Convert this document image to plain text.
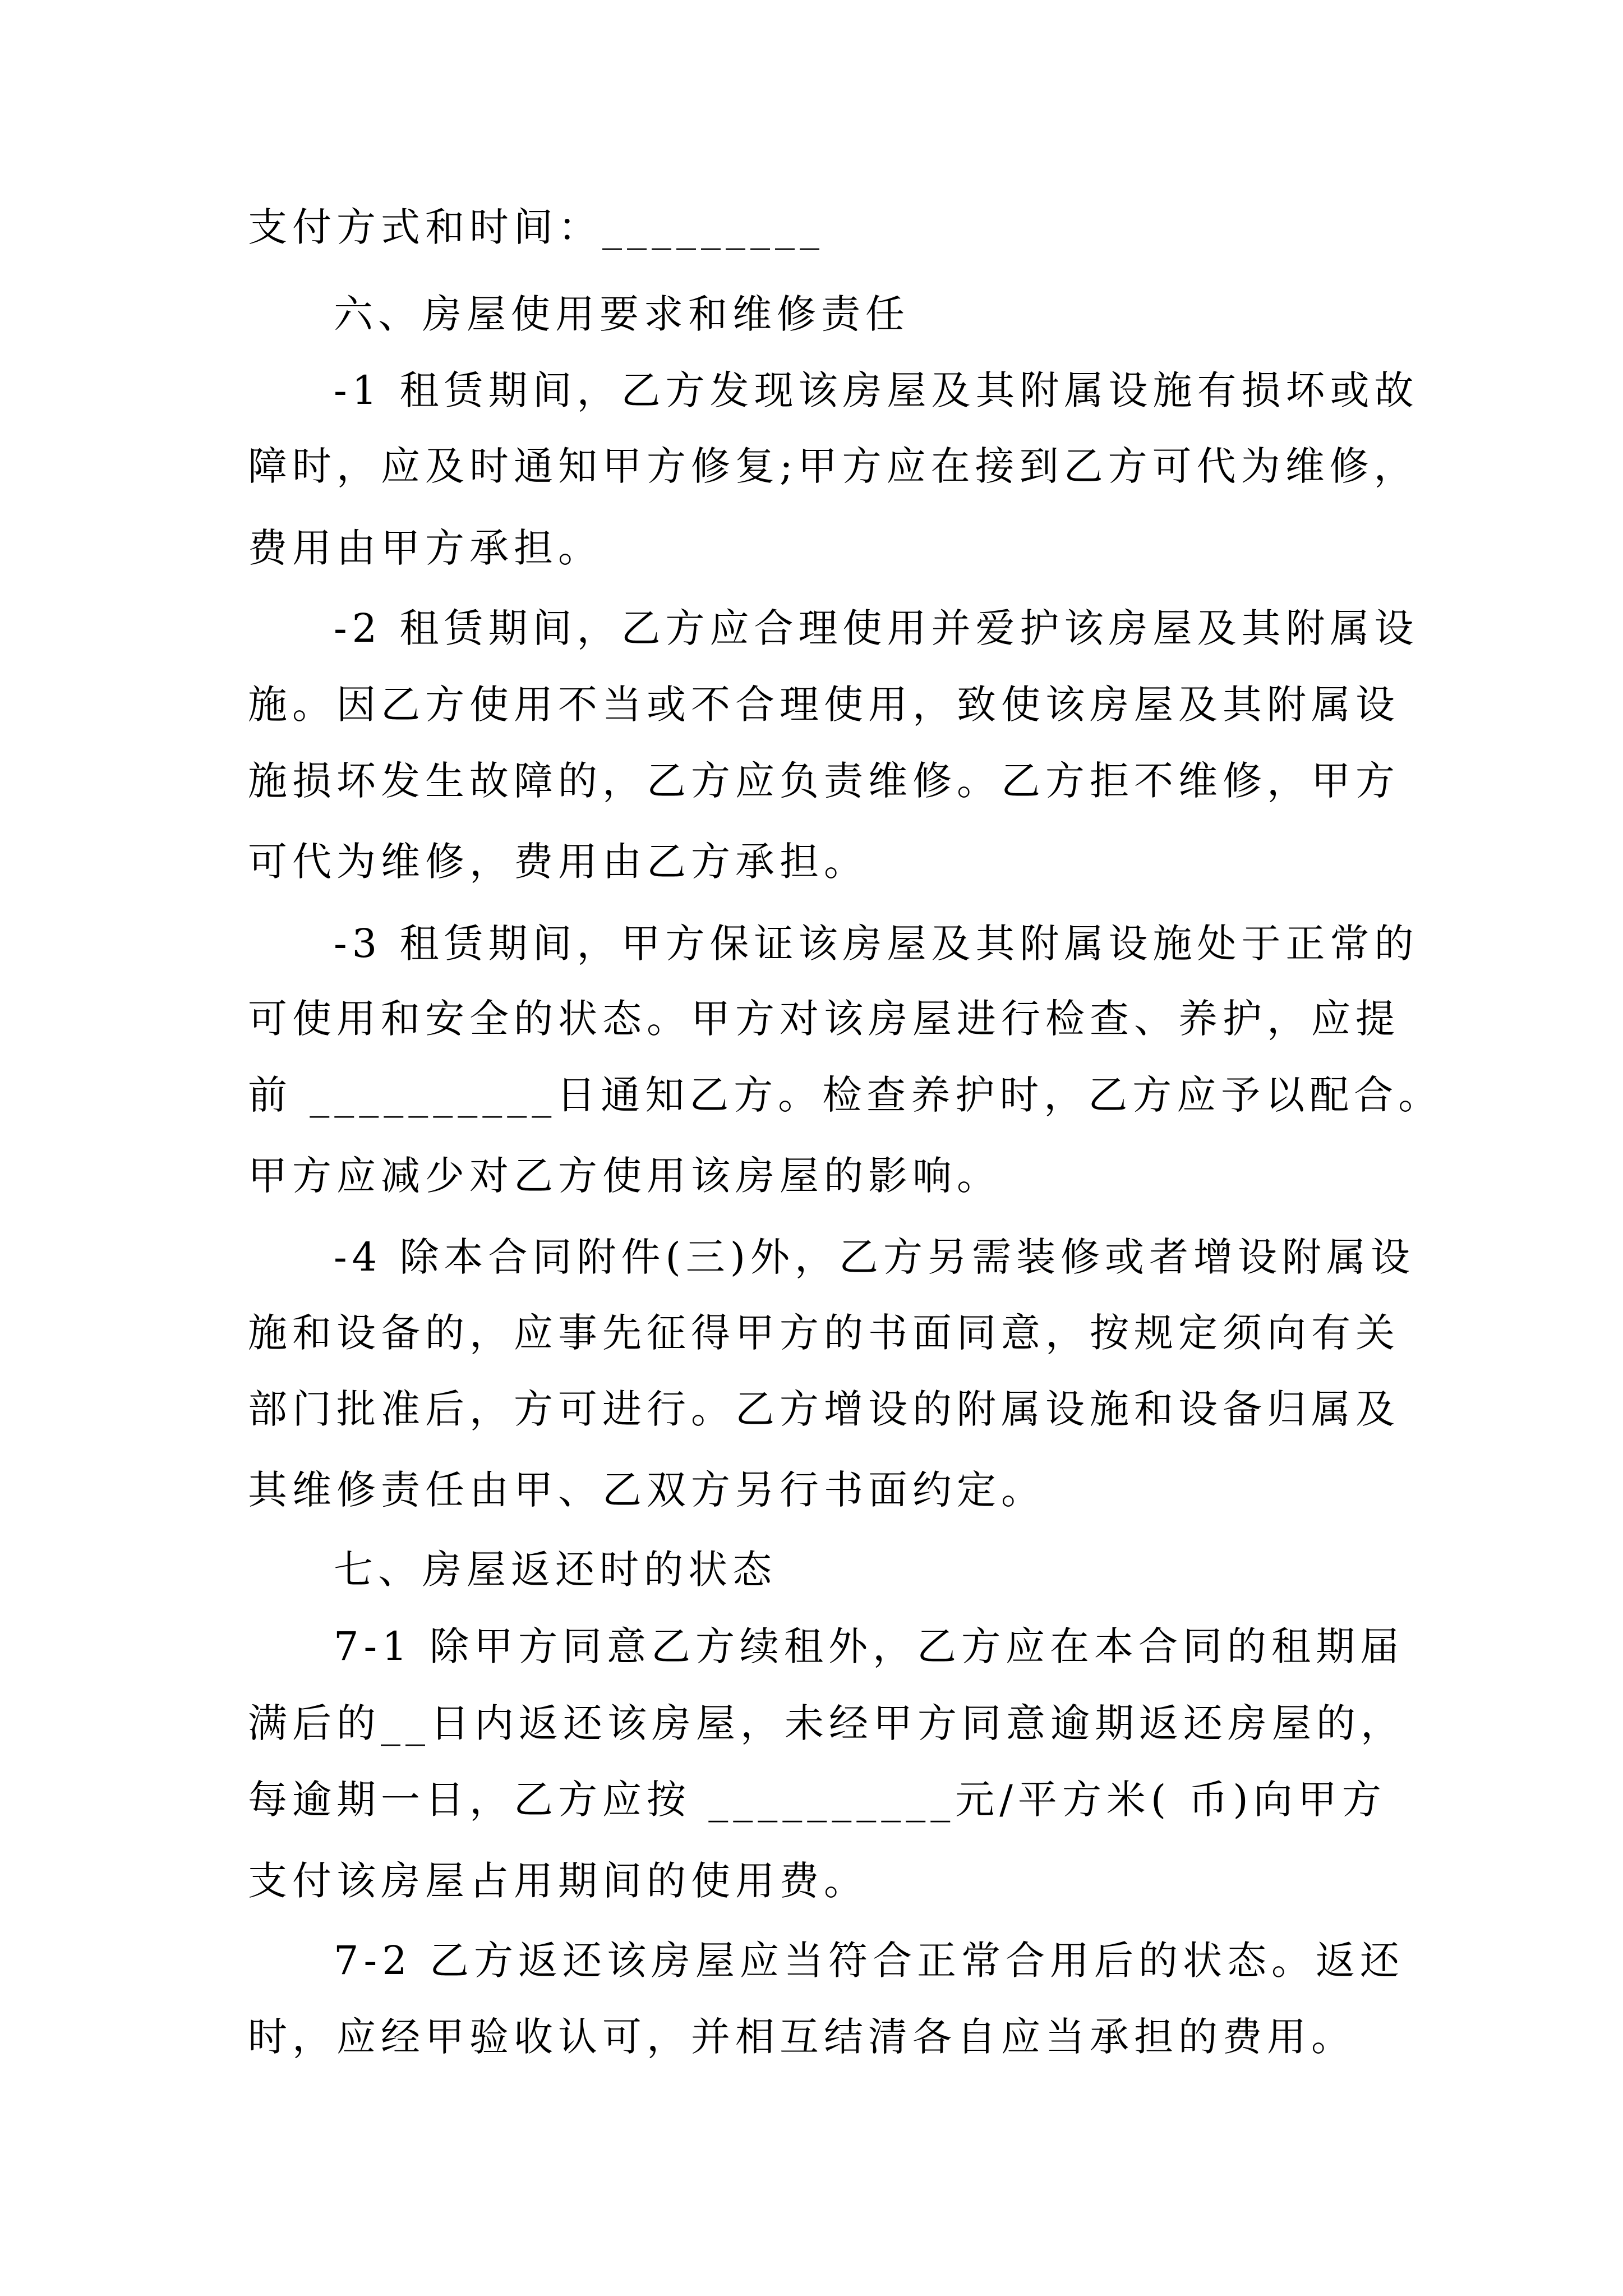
支付方式和时间：_________
六、房屋使用要求和维修责任
-1 租赁期间，乙方发现该房屋及其附属设施有损坏或故
障时，应及时通知甲方修复;甲方应在接到乙方可代为维修，
费用由甲方承担。
-2 租赁期间，乙方应合理使用并爱护该房屋及其附属设
施。因乙方使用不当或不合理使用，致使该房屋及其附属设
施损坏发生故障的，乙方应负责维修。乙方拒不维修，甲方
可代为维修，费用由乙方承担。
-3 租赁期间，甲方保证该房屋及其附属设施处于正常的
可使用和安全的状态。甲方对该房屋进行检查、养护，应提
前 __________日通知乙方。检查养护时，乙方应予以配合。
甲方应减少对乙方使用该房屋的影响。
-4 除本合同附件(三)外，乙方另需装修或者增设附属设
施和设备的，应事先征得甲方的书面同意，按规定须向有关
部门批准后，方可进行。乙方增设的附属设施和设备归属及
其维修责任由甲、乙双方另行书面约定。
七、房屋返还时的状态
7-1 除甲方同意乙方续租外，乙方应在本合同的租期届
满后的__日内返还该房屋，未经甲方同意逾期返还房屋的，
每逾期一日，乙方应按 __________元/平方米( 币)向甲方
支付该房屋占用期间的使用费。
7-2 乙方返还该房屋应当符合正常合用后的状态。返还
时，应经甲验收认可，并相互结清各自应当承担的费用。
